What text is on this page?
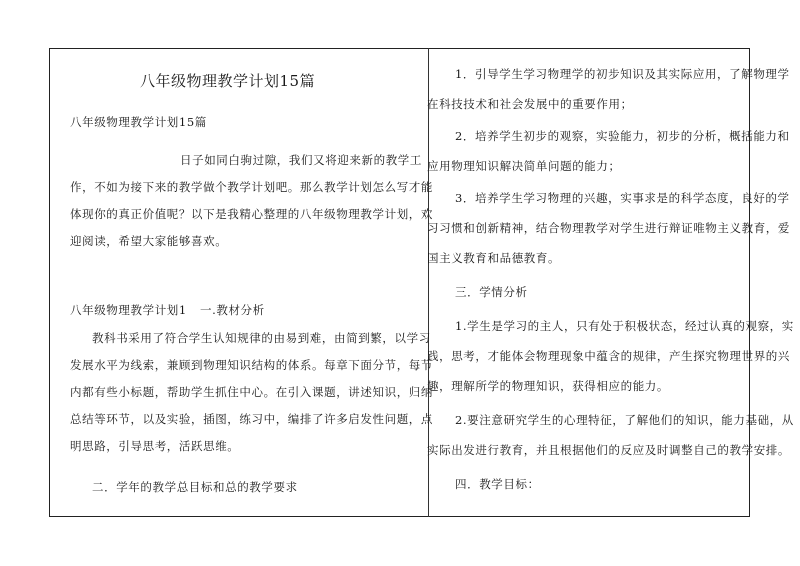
八年级物理教学计划15篇

八年级物理教学计划15篇

日子如同白驹过隙，我们又将迎来新的教学工

作，不如为接下来的教学做个教学计划吧。那么教学计划怎么写才能

体现你的真正价值呢？以下是我精心整理的八年级物理教学计划，欢

迎阅读，希望大家能够喜欢。

八年级物理教学计划1 一.教材分析

教科书采用了符合学生认知规律的由易到难，由简到繁，以学习

发展水平为线索，兼顾到物理知识结构的体系。每章下面分节，每节

内都有些小标题，帮助学生抓住中心。在引入课题，讲述知识，归纳

总结等环节，以及实验，插图，练习中，编排了许多启发性问题，点

明思路，引导思考，活跃思维。

二．学年的教学总目标和总的教学要求

1．引导学生学习物理学的初步知识及其实际应用，了解物理学

在科技技术和社会发展中的重要作用；

2．培养学生初步的观察，实验能力，初步的分析，概括能力和

应用物理知识解决简单问题的能力；

3．培养学生学习物理的兴趣，实事求是的科学态度，良好的学

习习惯和创新精神，结合物理教学对学生进行辩证唯物主义教育，爱

国主义教育和品德教育。

三．学情分析

1.学生是学习的主人，只有处于积极状态，经过认真的观察，实

践，思考，才能体会物理现象中蕴含的规律，产生探究物理世界的兴

趣，理解所学的物理知识，获得相应的能力。

2.要注意研究学生的心理特征，了解他们的知识，能力基础，从

实际出发进行教育，并且根据他们的反应及时调整自己的教学安排。

四．教学目标：
